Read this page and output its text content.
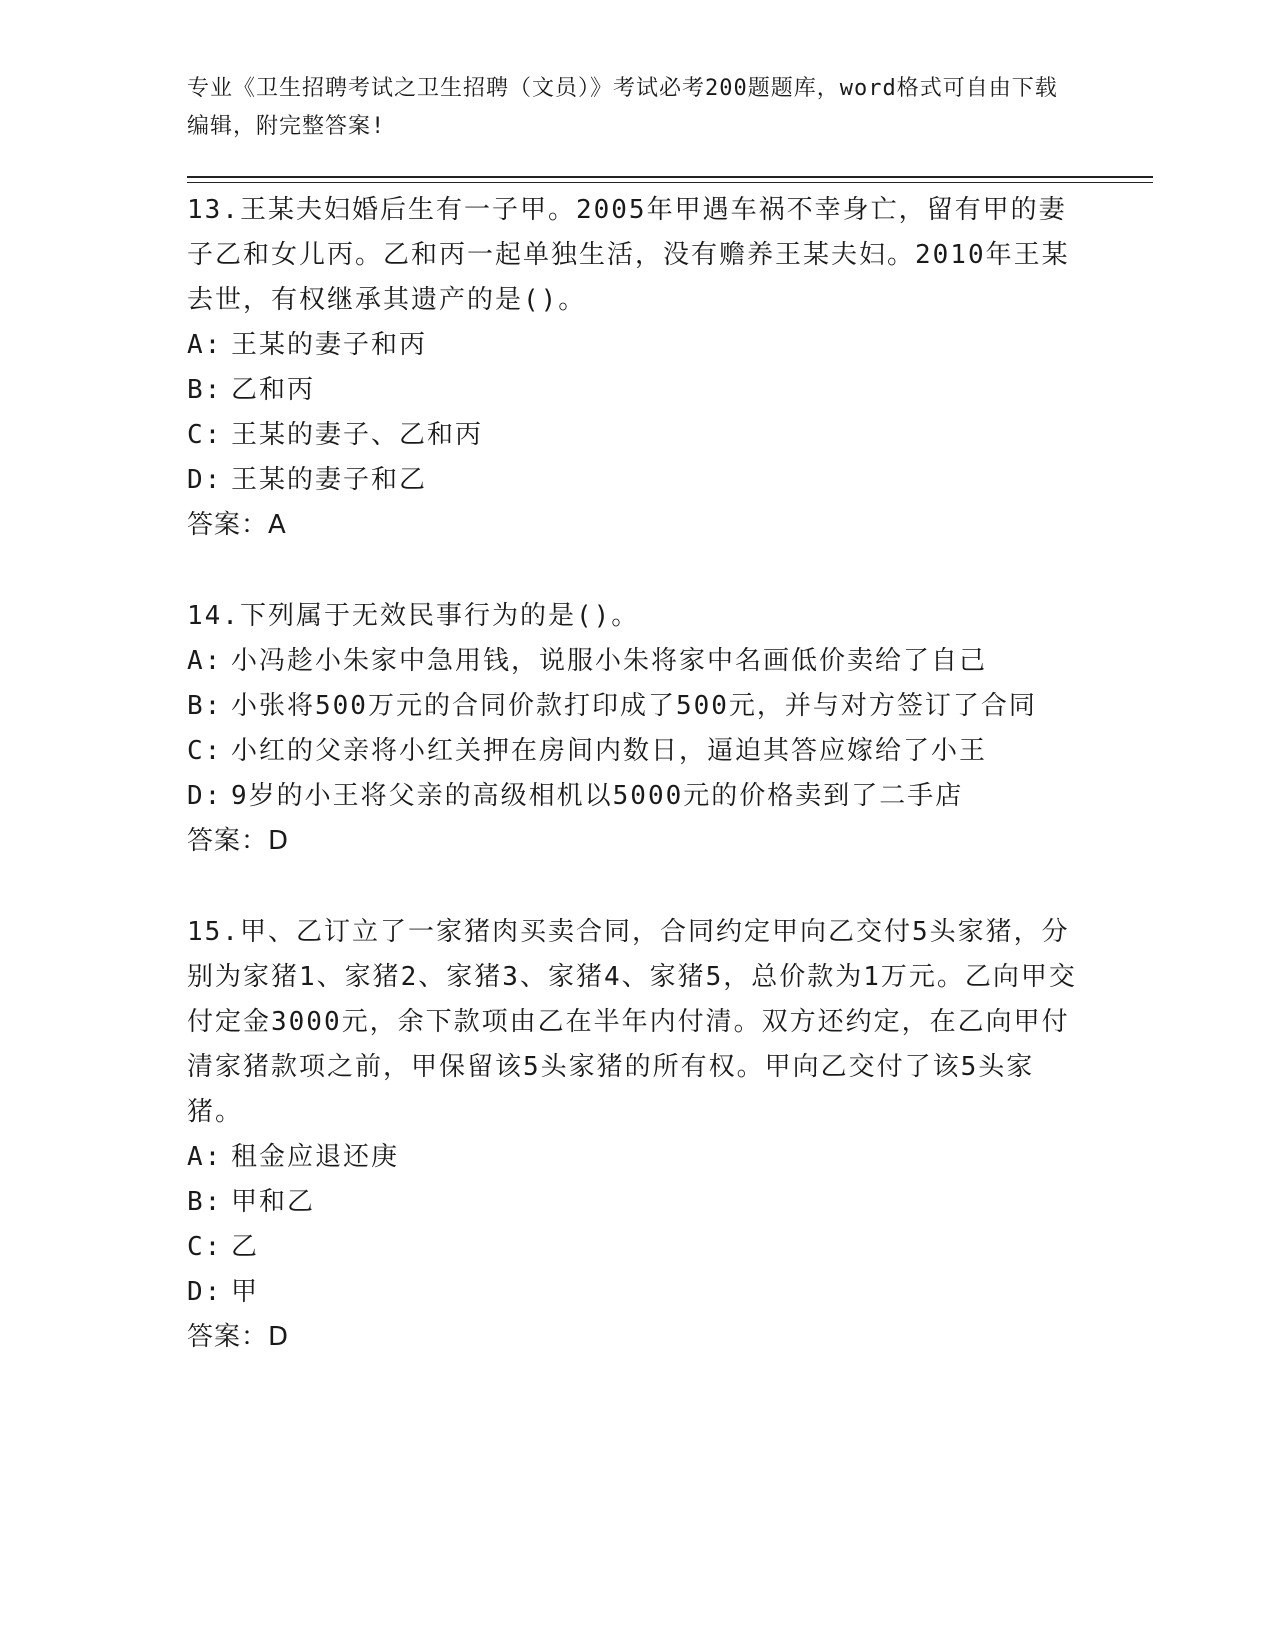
专业《卫生招聘考试之卫生招聘（文员）》考试必考200题题库，word格式可自由下载编辑，附完整答案!

13.王某夫妇婚后生有一子甲。2005年甲遇车祸不幸身亡，留有甲的妻子乙和女儿丙。乙和丙一起单独生活，没有赡养王某夫妇。2010年王某去世，有权继承其遗产的是()。

A: 王某的妻子和丙

B: 乙和丙

C: 王某的妻子、乙和丙

D: 王某的妻子和乙

答案：A

14.下列属于无效民事行为的是()。

A: 小冯趁小朱家中急用钱，说服小朱将家中名画低价卖给了自己

B: 小张将500万元的合同价款打印成了500元，并与对方签订了合同

C: 小红的父亲将小红关押在房间内数日，逼迫其答应嫁给了小王

D: 9岁的小王将父亲的高级相机以5000元的价格卖到了二手店

答案：D

15.甲、乙订立了一家猪肉买卖合同，合同约定甲向乙交付5头家猪，分别为家猪1、家猪2、家猪3、家猪4、家猪5，总价款为1万元。乙向甲交付定金3000元，余下款项由乙在半年内付清。双方还约定，在乙向甲付清家猪款项之前，甲保留该5头家猪的所有权。甲向乙交付了该5头家猪。

A: 租金应退还庚

B: 甲和乙

C: 乙

D: 甲

答案：D
